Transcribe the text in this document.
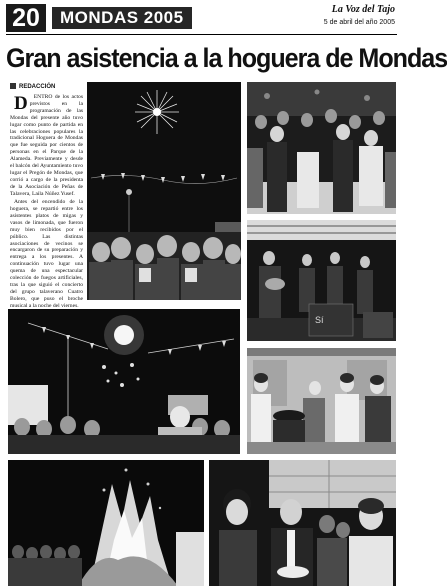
20	MONDAS 2005	La Voz del Tajo
5 de abril del año 2005
Gran asistencia a la hoguera de Mondas
REDACCIÓN

D ENTRO de los actos previstos en la programación de las Mondas del presente año tuvo lugar como punto de partida en las celebraciones populares la tradicional Hoguera de Mondas que fue seguida por cientos de personas en el Parque de la Alameda. Previamente y desde el balcón del Ayuntamiento tuvo lugar el Pregón de Mondas, que corrió a cargo de la presidenta de la Asociación de Peñas de Talavera, Laila Núñez Yusef.

Antes del encendido de la hoguera, se repartió entre los asistentes platos de migas y vasos de limonada, que fueron muy bien recibidos por el público. Las distintas asociaciones de vecinos se encargaron de su preparación y entrega a los presentes. A continuación tuvo lugar una quema de una espectacular colección de fuegos artificiales, tras la que siguió el concierto del grupo talaverano Cuatro Bolero, que puso el broche musical a la noche del viernes.

Sí
